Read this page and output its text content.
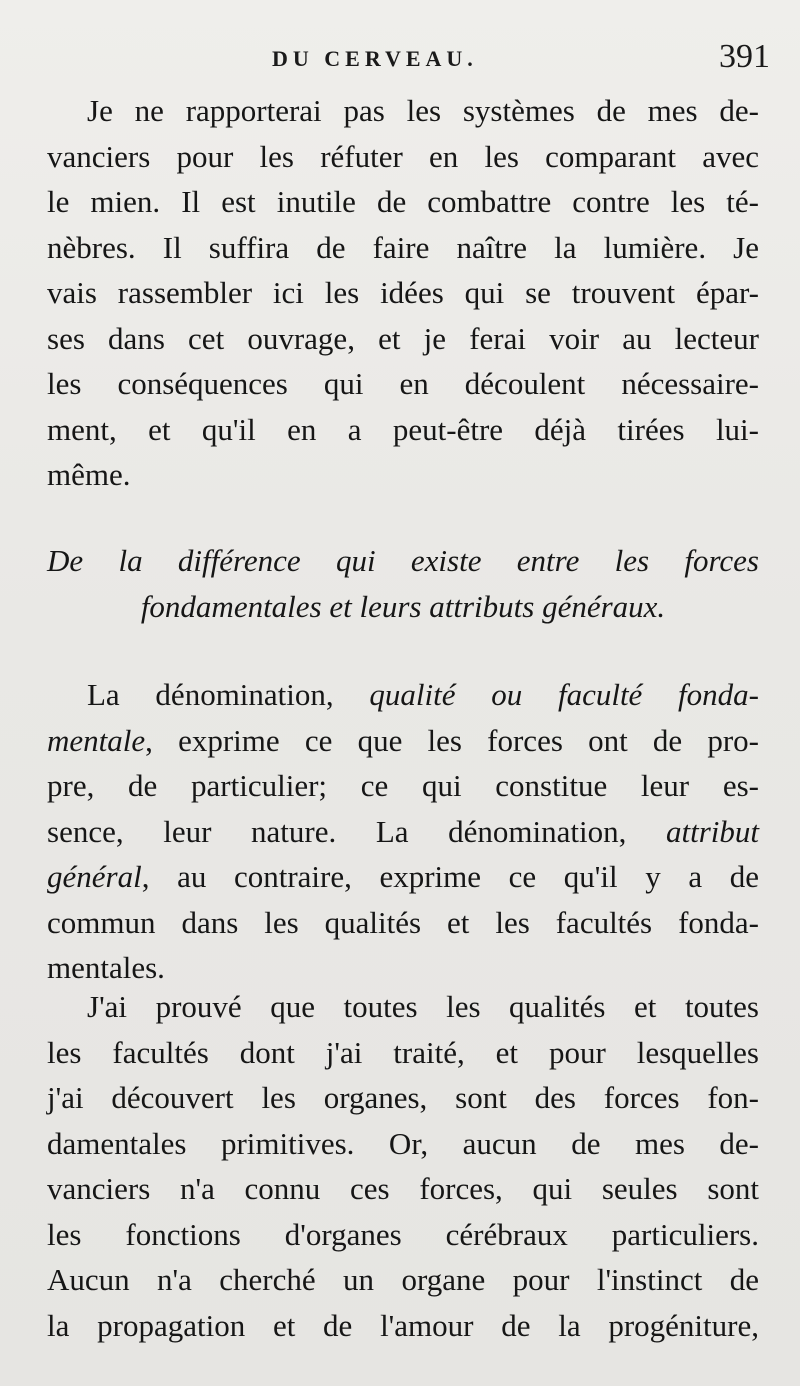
DU CERVEAU.	391
Je ne rapporterai pas les systèmes de mes de-
vanciers pour les réfuter en les comparant avec
le mien. Il est inutile de combattre contre les té-
nèbres. Il suffira de faire naître la lumière. Je
vais rassembler ici les idées qui se trouvent épar-
ses dans cet ouvrage, et je ferai voir au lecteur
les conséquences qui en découlent nécessaire-
ment, et qu'il en a peut-être déjà tirées lui-
même.
De la différence qui existe entre les forces
fondamentales et leurs attributs généraux.
La dénomination, qualité ou faculté fonda-
mentale, exprime ce que les forces ont de pro-
pre, de particulier; ce qui constitue leur es-
sence, leur nature. La dénomination, attribut
général, au contraire, exprime ce qu'il y a de
commun dans les qualités et les facultés fonda-
mentales.
J'ai prouvé que toutes les qualités et toutes
les facultés dont j'ai traité, et pour lesquelles
j'ai découvert les organes, sont des forces fon-
damentales primitives. Or, aucun de mes de-
vanciers n'a connu ces forces, qui seules sont
les fonctions d'organes cérébraux particuliers.
Aucun n'a cherché un organe pour l'instinct de
la propagation et de l'amour de la progéniture,
